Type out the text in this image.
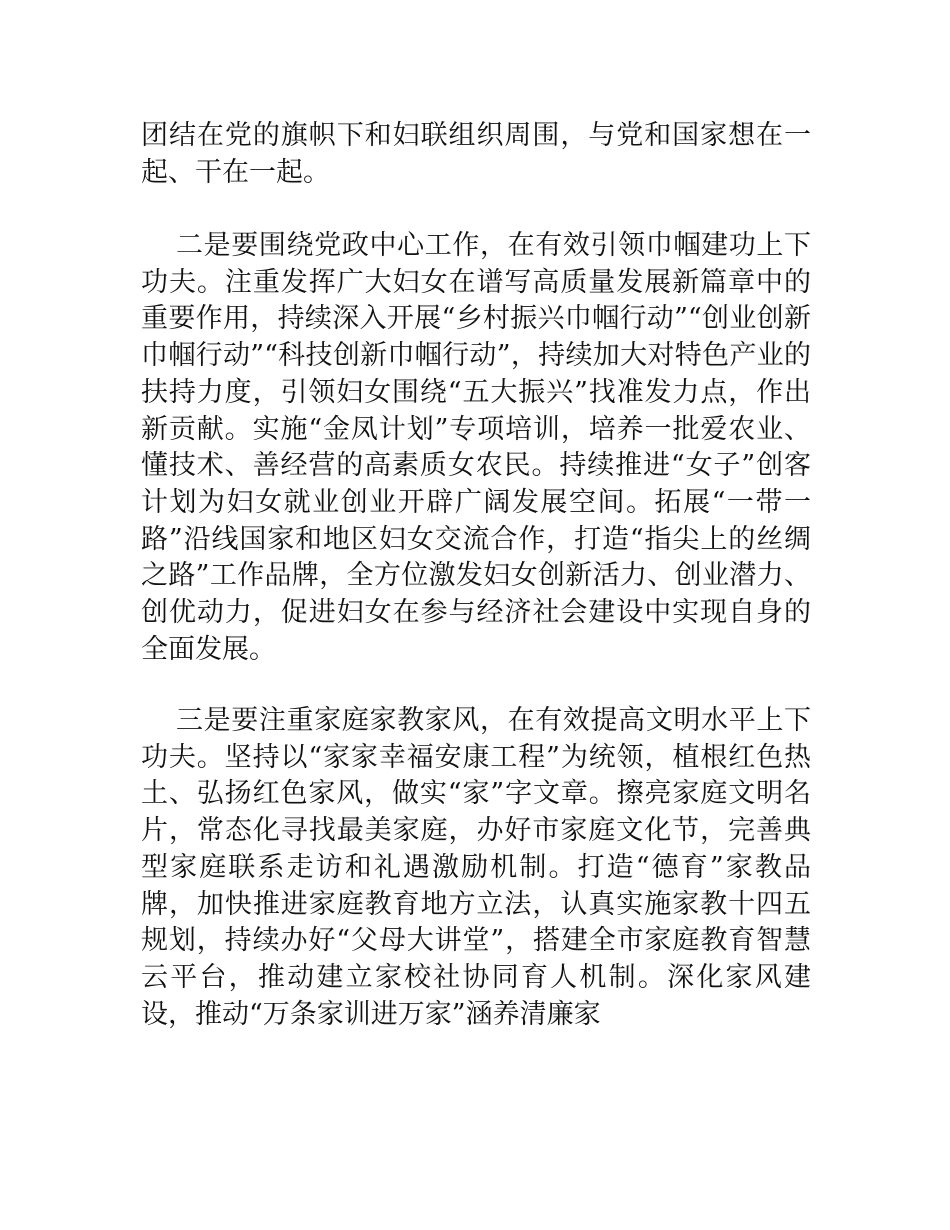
团结在党的旗帜下和妇联组织周围，与党和国家想在一起、干在一起。

二是要围绕党政中心工作，在有效引领巾帼建功上下功夫。注重发挥广大妇女在谱写高质量发展新篇章中的重要作用，持续深入开展“乡村振兴巾帼行动”“创业创新巾帼行动”“科技创新巾帼行动”，持续加大对特色产业的扶持力度，引领妇女围绕“五大振兴”找准发力点，作出新贡献。实施“金凤计划”专项培训，培养一批爱农业、懂技术、善经营的高素质女农民。持续推进“女子”创客计划为妇女就业创业开辟广阔发展空间。拓展“一带一路”沿线国家和地区妇女交流合作，打造“指尖上的丝绸之路”工作品牌，全方位激发妇女创新活力、创业潜力、创优动力，促进妇女在参与经济社会建设中实现自身的全面发展。

三是要注重家庭家教家风，在有效提高文明水平上下功夫。坚持以“家家幸福安康工程”为统领，植根红色热土、弘扬红色家风，做实“家”字文章。擦亮家庭文明名片，常态化寻找最美家庭，办好市家庭文化节，完善典型家庭联系走访和礼遇激励机制。打造“德育”家教品牌，加快推进家庭教育地方立法，认真实施家教十四五规划，持续办好“父母大讲堂”，搭建全市家庭教育智慧云平台，推动建立家校社协同育人机制。深化家风建设，推动“万条家训进万家”涵养清廉家
